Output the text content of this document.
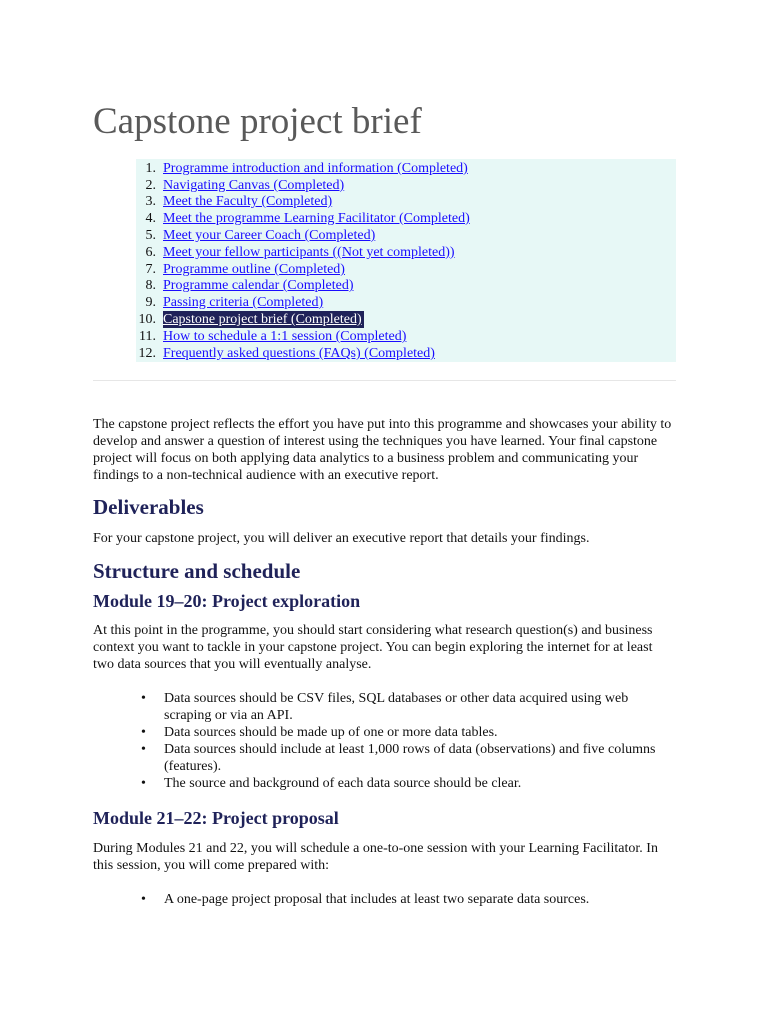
Capstone project brief
1. Programme introduction and information (Completed)
2. Navigating Canvas (Completed)
3. Meet the Faculty (Completed)
4. Meet the programme Learning Facilitator (Completed)
5. Meet your Career Coach (Completed)
6. Meet your fellow participants ((Not yet completed))
7. Programme outline (Completed)
8. Programme calendar (Completed)
9. Passing criteria (Completed)
10. Capstone project brief (Completed)
11. How to schedule a 1:1 session (Completed)
12. Frequently asked questions (FAQs) (Completed)

The capstone project reflects the effort you have put into this programme and showcases your ability to develop and answer a question of interest using the techniques you have learned. Your final capstone project will focus on both applying data analytics to a business problem and communicating your findings to a non-technical audience with an executive report.

Deliverables

For your capstone project, you will deliver an executive report that details your findings.

Structure and schedule
Module 19–20: Project exploration

At this point in the programme, you should start considering what research question(s) and business context you want to tackle in your capstone project. You can begin exploring the internet for at least two data sources that you will eventually analyse.

• Data sources should be CSV files, SQL databases or other data acquired using web scraping or via an API.
• Data sources should be made up of one or more data tables.
• Data sources should include at least 1,000 rows of data (observations) and five columns (features).
• The source and background of each data source should be clear.
Module 21–22: Project proposal

During Modules 21 and 22, you will schedule a one-to-one session with your Learning Facilitator. In this session, you will come prepared with:

• A one-page project proposal that includes at least two separate data sources.
